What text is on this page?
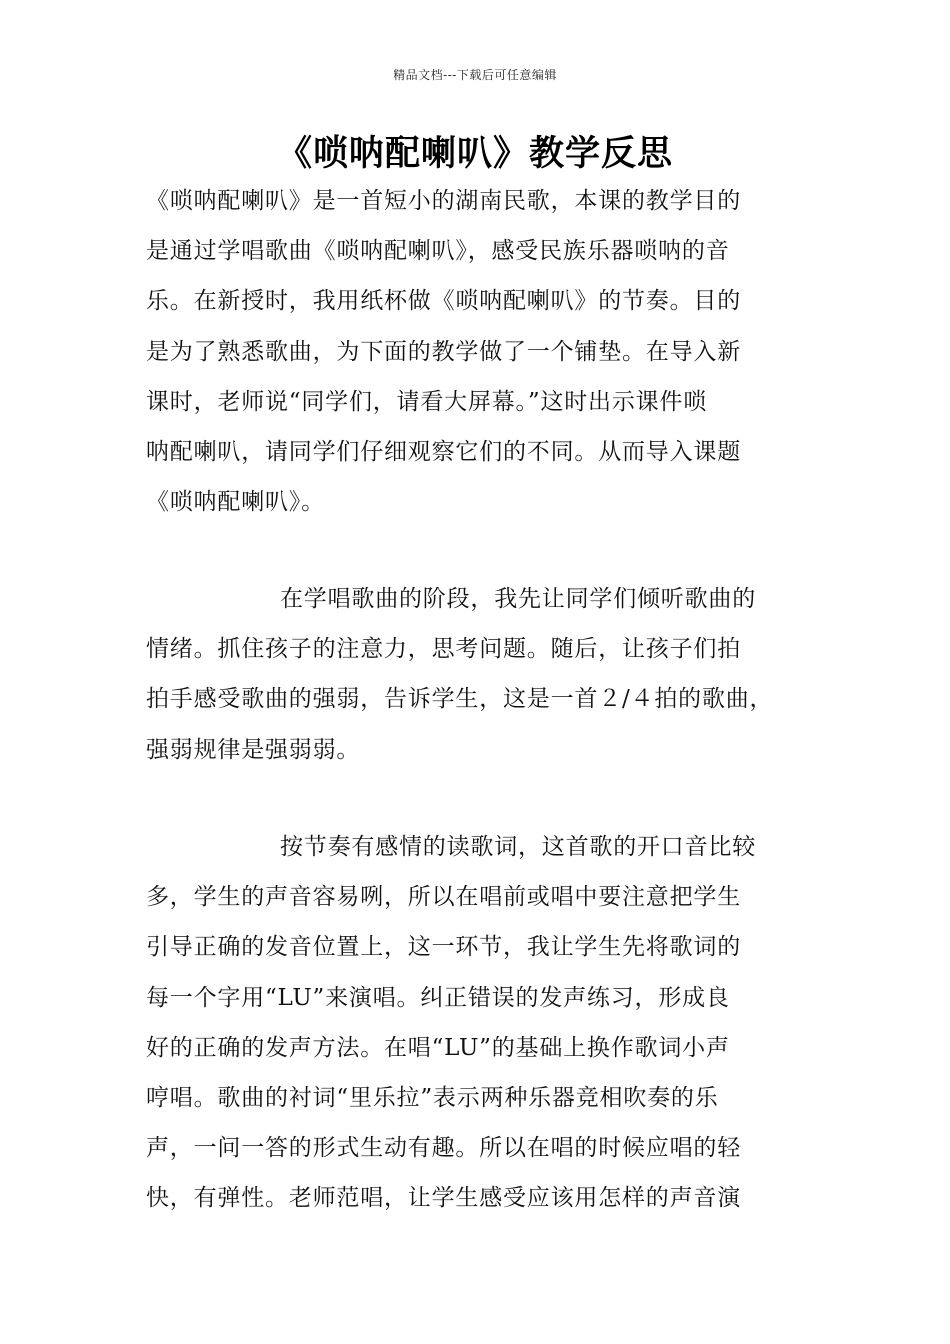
精品文档---下载后可任意编辑
《唢呐配喇叭》教学反思
《唢呐配喇叭》是一首短小的湖南民歌，本课的教学目的
是通过学唱歌曲《唢呐配喇叭》，感受民族乐器唢呐的音
乐。在新授时，我用纸杯做《唢呐配喇叭》的节奏。目的
是为了熟悉歌曲，为下面的教学做了一个铺垫。在导入新
课时，老师说“同学们，请看大屏幕。”这时出示课件唢
呐配喇叭，请同学们仔细观察它们的不同。从而导入课题
《唢呐配喇叭》。
在学唱歌曲的阶段，我先让同学们倾听歌曲的
情绪。抓住孩子的注意力，思考问题。随后，让孩子们拍
拍手感受歌曲的强弱，告诉学生，这是一首２/４拍的歌曲，
强弱规律是强弱弱。
按节奏有感情的读歌词，这首歌的开口音比较
多，学生的声音容易咧，所以在唱前或唱中要注意把学生
引导正确的发音位置上，这一环节，我让学生先将歌词的
每一个字用“LU”来演唱。纠正错误的发声练习，形成良
好的正确的发声方法。在唱“LU”的基础上换作歌词小声
哼唱。歌曲的衬词“里乐拉”表示两种乐器竞相吹奏的乐
声，一问一答的形式生动有趣。所以在唱的时候应唱的轻
快，有弹性。老师范唱，让学生感受应该用怎样的声音演
